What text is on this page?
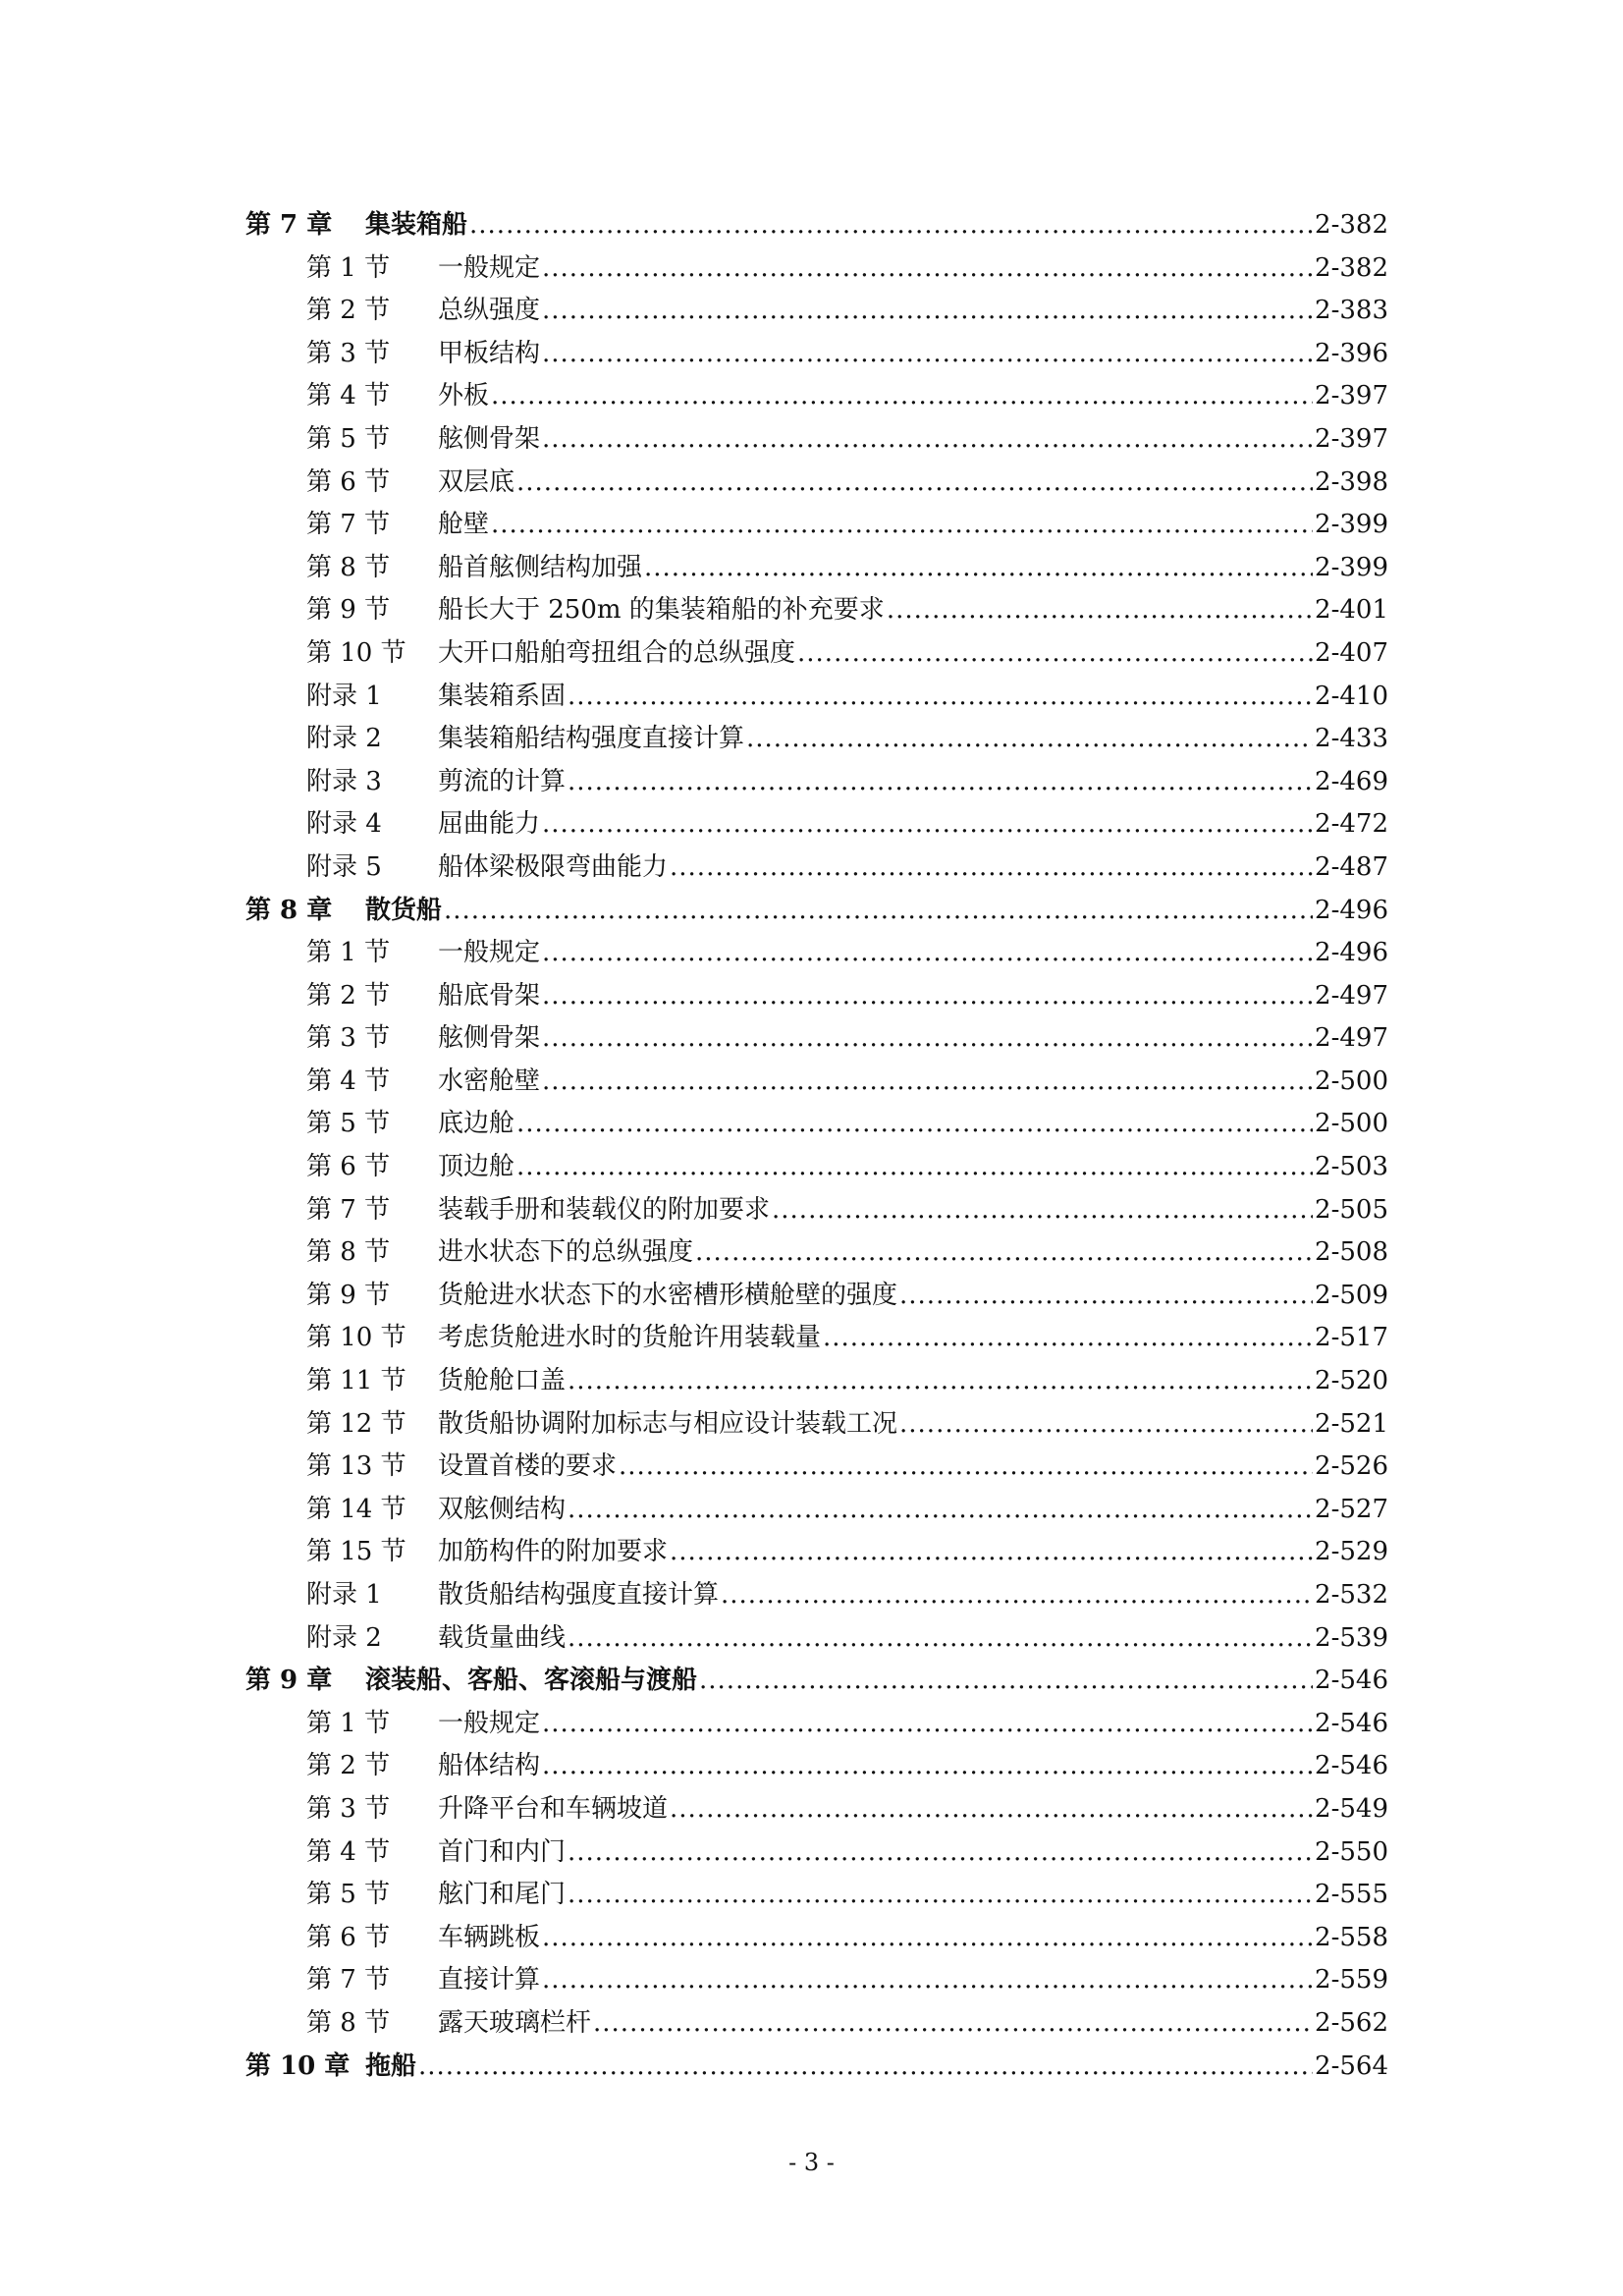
第 7 章	集装箱船 .....	2-382
第 1 节	一般规定 .....	2-382
第 2 节	总纵强度 .....	2-383
第 3 节	甲板结构 .....	2-396
第 4 节	外板 .....	2-397
第 5 节	舷侧骨架 .....	2-397
第 6 节	双层底 .....	2-398
第 7 节	舱壁 .....	2-399
第 8 节	船首舷侧结构加强 .....	2-399
第 9 节	船长大于 250m 的集装箱船的补充要求 .....	2-401
第 10 节	大开口船舶弯扭组合的总纵强度 .....	2-407
附录 1	集装箱系固 .....	2-410
附录 2	集装箱船结构强度直接计算 .....	2-433
附录 3	剪流的计算 .....	2-469
附录 4	屈曲能力 .....	2-472
附录 5	船体梁极限弯曲能力 .....	2-487
第 8 章	散货船 .....	2-496
第 1 节	一般规定 .....	2-496
第 2 节	船底骨架 .....	2-497
第 3 节	舷侧骨架 .....	2-497
第 4 节	水密舱壁 .....	2-500
第 5 节	底边舱 .....	2-500
第 6 节	顶边舱 .....	2-503
第 7 节	装载手册和装载仪的附加要求 .....	2-505
第 8 节	进水状态下的总纵强度 .....	2-508
第 9 节	货舱进水状态下的水密槽形横舱壁的强度 .....	2-509
第 10 节	考虑货舱进水时的货舱许用装载量 .....	2-517
第 11 节	货舱舱口盖 .....	2-520
第 12 节	散货船协调附加标志与相应设计装载工况 .....	2-521
第 13 节	设置首楼的要求 .....	2-526
第 14 节	双舷侧结构 .....	2-527
第 15 节	加筋构件的附加要求 .....	2-529
附录 1	散货船结构强度直接计算 .....	2-532
附录 2	载货量曲线 .....	2-539
第 9 章	滚装船、客船、客滚船与渡船 .....	2-546
第 1 节	一般规定 .....	2-546
第 2 节	船体结构 .....	2-546
第 3 节	升降平台和车辆坡道 .....	2-549
第 4 节	首门和内门 .....	2-550
第 5 节	舷门和尾门 .....	2-555
第 6 节	车辆跳板 .....	2-558
第 7 节	直接计算 .....	2-559
第 8 节	露天玻璃栏杆 .....	2-562
第 10 章 拖船 .....	2-564
- 3 -
